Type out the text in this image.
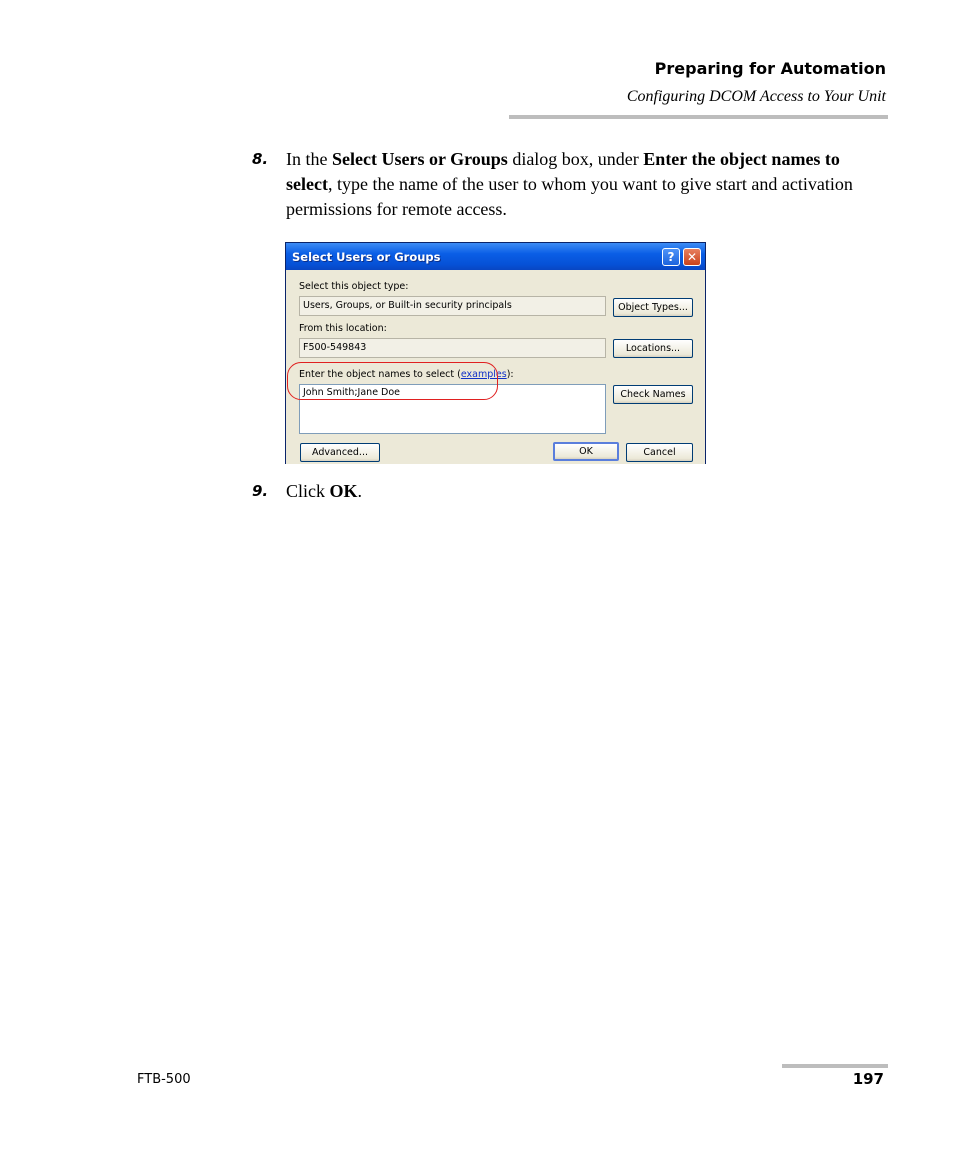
Preparing for Automation
Configuring DCOM Access to Your Unit
8. In the Select Users or Groups dialog box, under Enter the object names to select, type the name of the user to whom you want to give start and activation permissions for remote access.
Select Users or Groups	?	✕
Select this object type:
Users, Groups, or Built-in security principals	Object Types...
From this location:
F500-549843	Locations...
Enter the object names to select (examples):
John Smith;Jane Doe	Check Names
Advanced...	OK	Cancel
9. Click OK.
FTB-500	197
